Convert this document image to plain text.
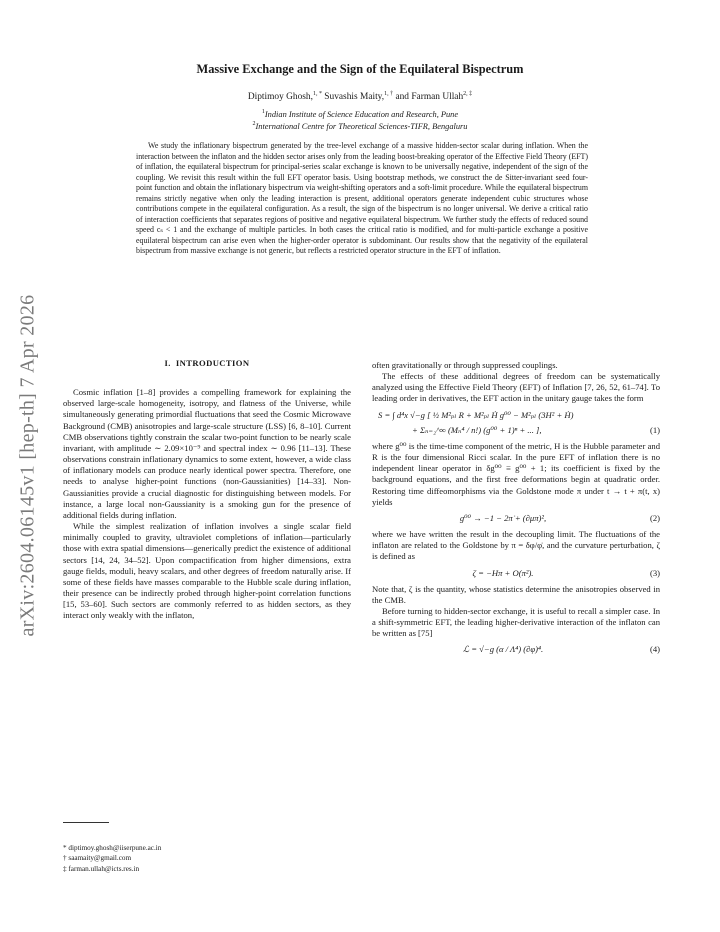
arXiv:2604.06145v1 [hep-th] 7 Apr 2026
Massive Exchange and the Sign of the Equilateral Bispectrum
Diptimoy Ghosh,$^{1, *}$ Suvashis Maity,$^{1, \dagger}$ and Farman Ullah$^{2, \ddagger}$
$^1$Indian Institute of Science Education and Research, Pune
$^2$International Centre for Theoretical Sciences-TIFR, Bengaluru

We study the inflationary bispectrum generated by the tree-level exchange of a massive hidden-sector scalar during inflation. When the interaction between the inflaton and the hidden sector arises only from the leading boost-breaking operator of the Effective Field Theory (EFT) of inflation, the equilateral bispectrum for principal-series scalar exchange is known to be universally negative, independent of the sign of the coupling. We revisit this result within the full EFT operator basis. Using bootstrap methods, we construct the de Sitter-invariant seed four-point function and obtain the inflationary bispectrum via weight-shifting operators and a soft-limit procedure. While the equilateral bispectrum remains strictly negative when only the leading interaction is present, additional operators generate independent cubic structures whose contributions compete in the equilateral configuration. As a result, the sign of the bispectrum is no longer universal. We derive a critical ratio of interaction coefficients that separates regions of positive and negative equilateral bispectrum. We further study the effects of reduced sound speed cₛ < 1 and the exchange of multiple particles. In both cases the critical ratio is modified, and for multi-particle exchange a positive equilateral bispectrum can arise even when the higher-order operator is subdominant. Our results show that the negativity of the equilateral bispectrum from massive exchange is not generic, but reflects a restricted operator structure in the EFT of inflation.

I. INTRODUCTION

Cosmic inflation [1–8] provides a compelling framework for explaining the observed large-scale homogeneity, isotropy, and flatness of the Universe, while simultaneously generating primordial fluctuations that seed the Cosmic Microwave Background (CMB) anisotropies and large-scale structure (LSS) [6, 8–10]. Current CMB observations tightly constrain the scalar two-point function to be nearly scale invariant, with amplitude ∼ 2.09×10⁻⁹ and spectral index ∼ 0.96 [11–13]. These observations constrain inflationary dynamics to some extent, however, a wide class of inflationary models can produce nearly identical power spectra. Therefore, one needs to analyse higher-point functions (non-Gaussianities) [14–33]. Non-Gaussianities provide a crucial diagnostic for distinguishing between models. For instance, a large local non-Gaussianity is a smoking gun for the presence of additional fields during inflation.

While the simplest realization of inflation involves a single scalar field minimally coupled to gravity, ultraviolet completions of inflation—particularly those with extra spatial dimensions—generically predict the existence of additional sectors [14, 24, 34–52]. Upon compactification from higher dimensions, extra gauge fields, moduli, heavy scalars, and other degrees of freedom naturally arise. If some of these fields have masses comparable to the Hubble scale during inflation, their presence can be indirectly probed through higher-point correlation functions [15, 53–60]. Such sectors are commonly referred to as hidden sectors, as they interact only weakly with the inflaton,

often gravitationally or through suppressed couplings.

The effects of these additional degrees of freedom can be systematically analyzed using the Effective Field Theory (EFT) of Inflation [7, 26, 52, 61–74]. To leading order in derivatives, the EFT action in the unitary gauge takes the form

S = ∫ d⁴x √−g [ ½ M²ₚₗ R + M²ₚₗ Ḣ g⁰⁰ − M²ₚₗ (3H² + Ḣ)
+ Σₙ₌₂^∞ (Mₙ⁴ / n!) (g⁰⁰ + 1)ⁿ + ... ],	(1)

where g⁰⁰ is the time-time component of the metric, H is the Hubble parameter and R is the four dimensional Ricci scalar. In the pure EFT of inflation there is no independent linear operator in δg⁰⁰ ≡ g⁰⁰ + 1; its coefficient is fixed by the background equations, and the first free deformations begin at quadratic order. Restoring time diffeomorphisms via the Goldstone mode π under t → t + π(t, x) yields

g⁰⁰ → −1 − 2π̇ + (∂μπ)²,	(2)

where we have written the result in the decoupling limit. The fluctuations of the inflaton are related to the Goldstone by π = δφ/φ̇, and the curvature perturbation, ζ is defined as

ζ = −Hπ + O(π²).	(3)

Note that, ζ is the quantity, whose statistics determine the anisotropies observed in the CMB.

Before turning to hidden-sector exchange, it is useful to recall a simpler case. In a shift-symmetric EFT, the leading higher-derivative interaction of the inflaton can be written as [75]

ℒ = √−g (α / Λ⁴) (∂φ)⁴.	(4)
* diptimoy.ghosh@iiserpune.ac.in
† saamaity@gmail.com
‡ farman.ullah@icts.res.in
